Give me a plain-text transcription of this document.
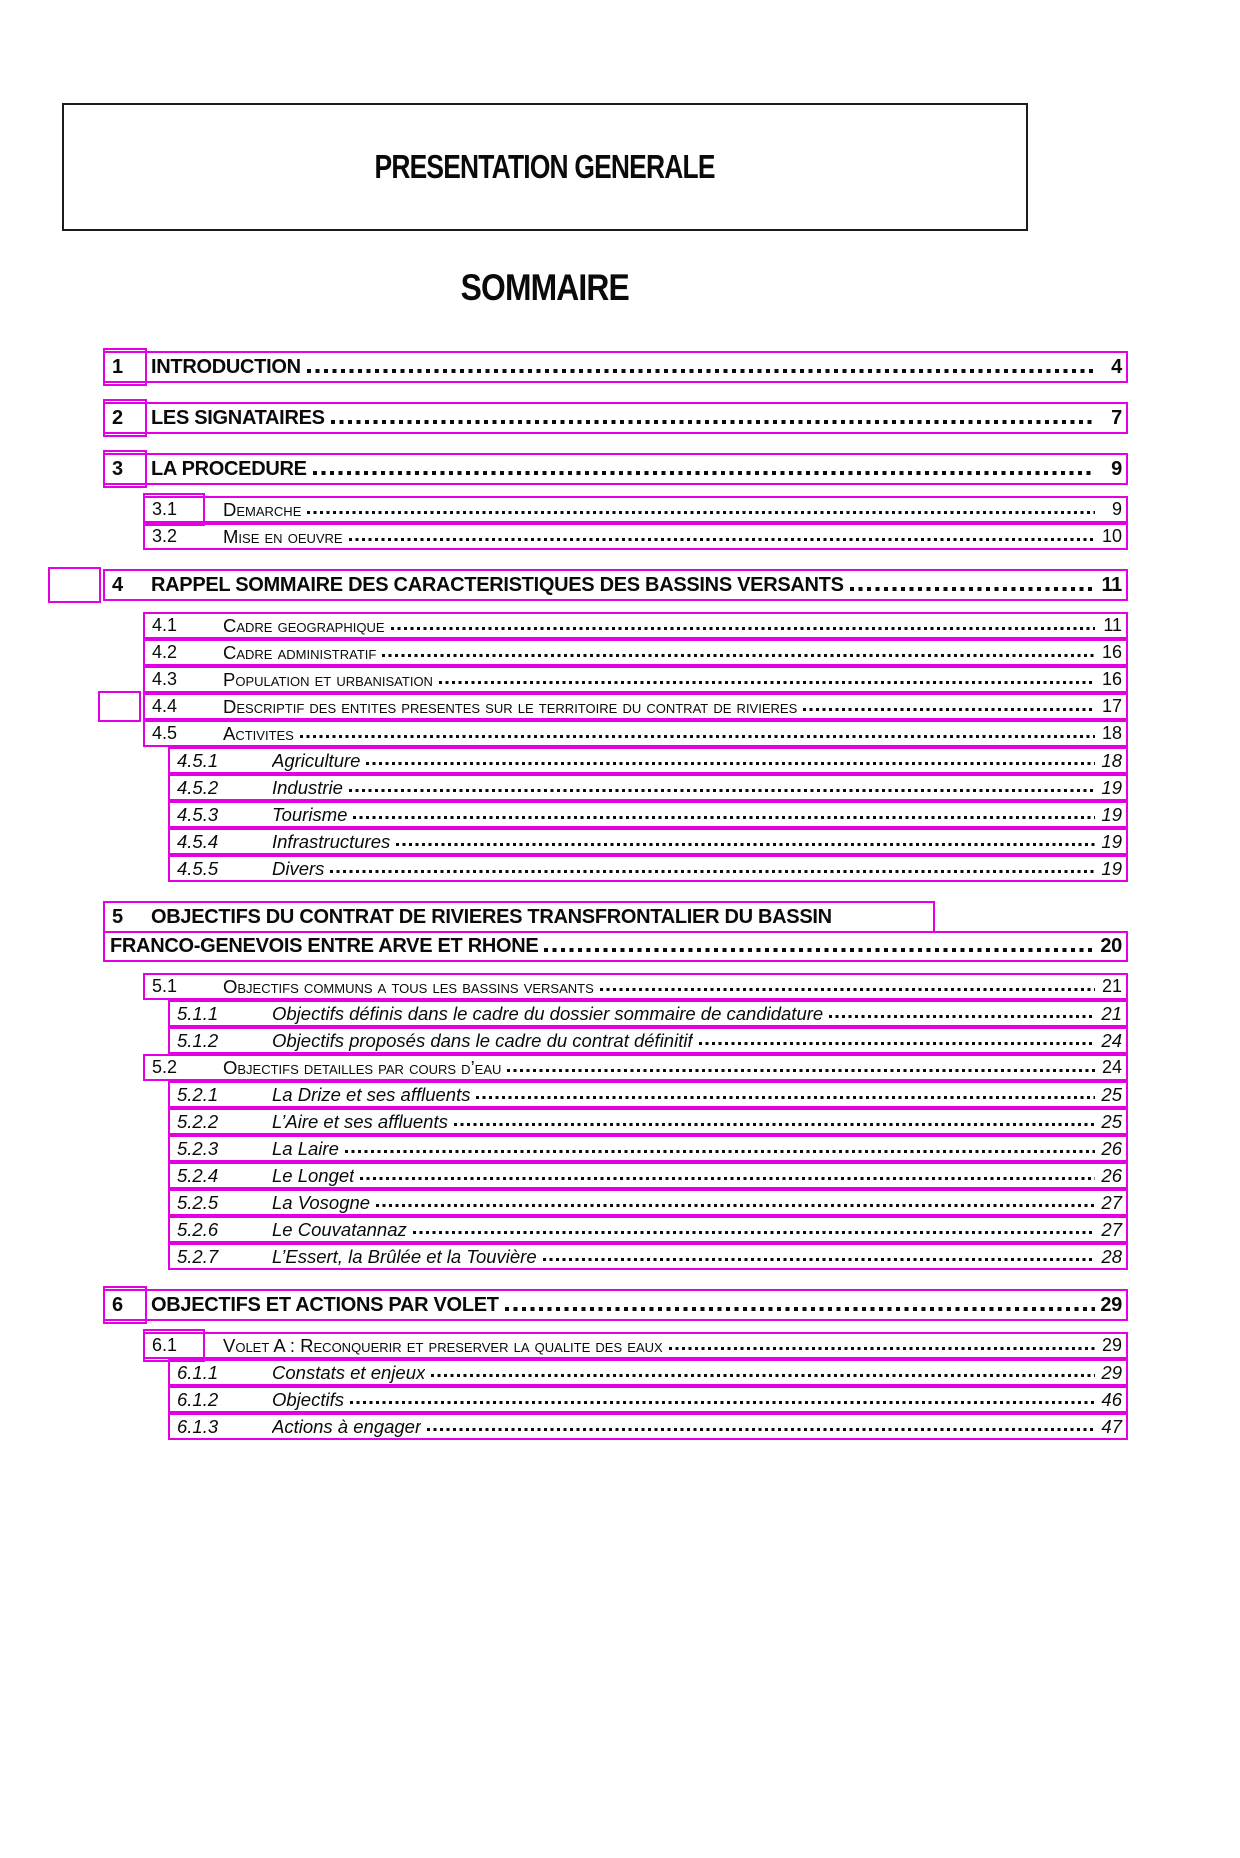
PRESENTATION GENERALE
SOMMAIRE
1	INTRODUCTION	4
2	LES SIGNATAIRES	7
3	LA PROCEDURE	9
3.1	Demarche	9
3.2	Mise en oeuvre	10
4	RAPPEL SOMMAIRE DES CARACTERISTIQUES DES BASSINS VERSANTS	11
4.1	Cadre geographique	11
4.2	Cadre administratif	16
4.3	Population et urbanisation	16
4.4	Descriptif des entites presentes sur le territoire du contrat de rivieres	17
4.5	Activites	18
4.5.1	Agriculture	18
4.5.2	Industrie	19
4.5.3	Tourisme	19
4.5.4	Infrastructures	19
4.5.5	Divers	19
5	OBJECTIFS DU CONTRAT DE RIVIERES TRANSFRONTALIER DU BASSIN
FRANCO-GENEVOIS ENTRE ARVE ET RHONE	20
5.1	Objectifs communs a tous les bassins versants	21
5.1.1	Objectifs définis dans le cadre du dossier sommaire de candidature	21
5.1.2	Objectifs proposés dans le cadre du contrat définitif	24
5.2	Objectifs detailles par cours d’eau	24
5.2.1	La Drize et ses affluents	25
5.2.2	L’Aire et ses affluents	25
5.2.3	La Laire	26
5.2.4	Le Longet	26
5.2.5	La Vosogne	27
5.2.6	Le Couvatannaz	27
5.2.7	L’Essert, la Brûlée et la Touvière	28
6	OBJECTIFS ET ACTIONS PAR VOLET	29
6.1	Volet A : Reconquerir et preserver la qualite des eaux	29
6.1.1	Constats et enjeux	29
6.1.2	Objectifs	46
6.1.3	Actions à engager	47
